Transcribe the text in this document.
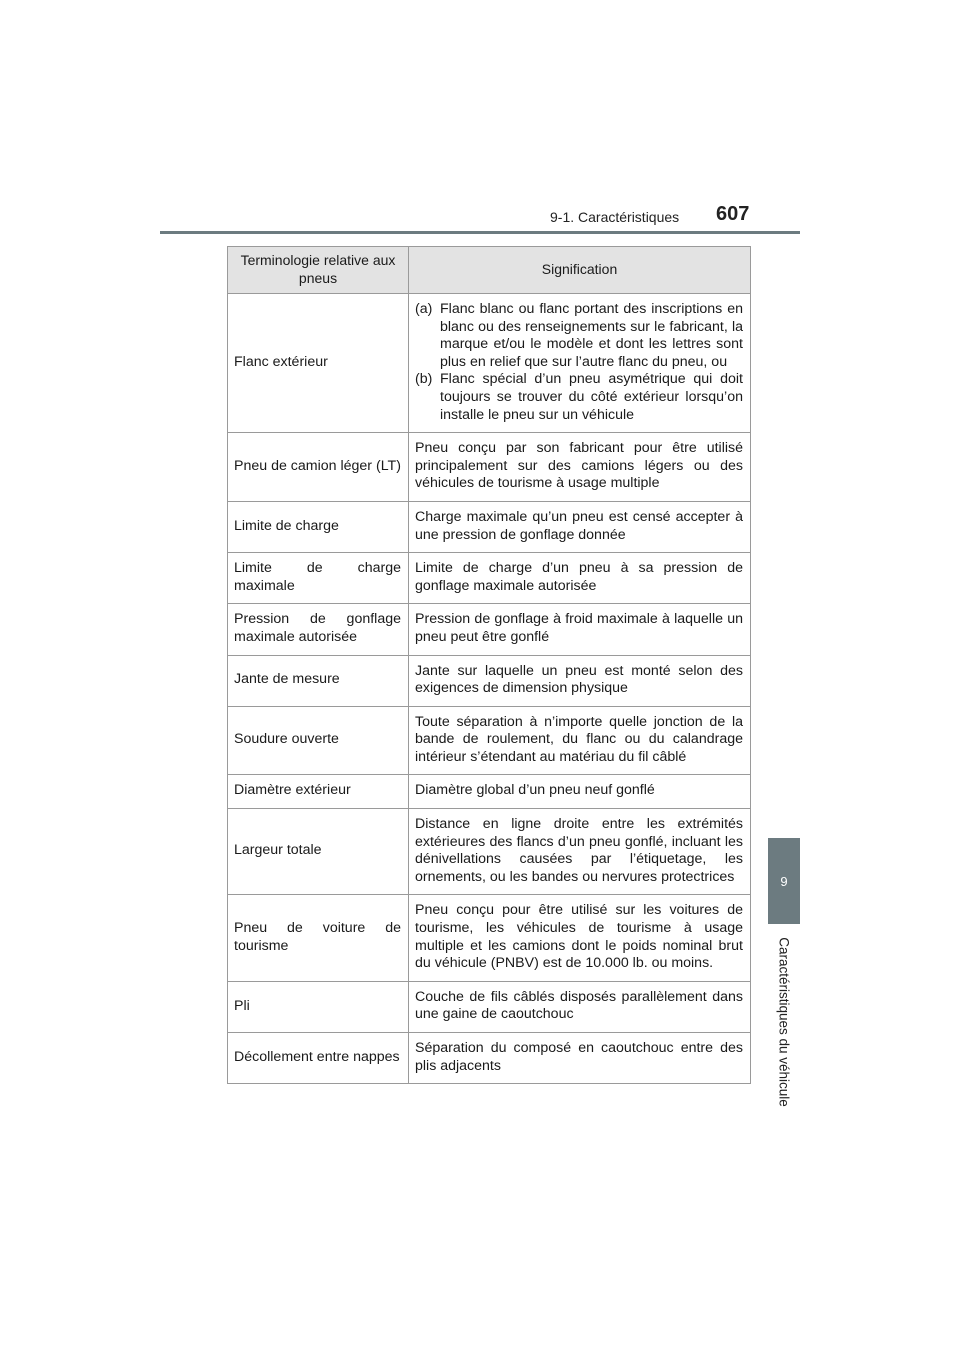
9-1. Caractéristiques 607
9
Caractéristiques du véhicule
Terminologie relative aux pneus	Signification
Flanc extérieur	(a) Flanc blanc ou flanc portant des inscriptions en blanc ou des renseignements sur le fabricant, la marque et/ou le modèle et dont les lettres sont plus en relief que sur l’autre flanc du pneu, ou
(b) Flanc spécial d’un pneu asymétrique qui doit toujours se trouver du côté extérieur lorsqu’on installe le pneu sur un véhicule

Pneu de camion léger (LT)	Pneu conçu par son fabricant pour être utilisé principalement sur des camions légers ou des véhicules de tourisme à usage multiple
Limite de charge	Charge maximale qu’un pneu est censé accepter à une pression de gonflage donnée
Limite de charge maximale	Limite de charge d’un pneu à sa pression de gonflage maximale autorisée
Pression de gonflage maximale autorisée	Pression de gonflage à froid maximale à laquelle un pneu peut être gonflé
Jante de mesure	Jante sur laquelle un pneu est monté selon des exigences de dimension physique
Soudure ouverte	Toute séparation à n’importe quelle jonction de la bande de roulement, du flanc ou du calandrage intérieur s’étendant au matériau du fil câblé
Diamètre extérieur	Diamètre global d’un pneu neuf gonflé
Largeur totale	Distance en ligne droite entre les extrémités extérieures des flancs d’un pneu gonflé, incluant les dénivellations causées par l’étiquetage, les ornements, ou les bandes ou nervures protectrices
Pneu de voiture de tourisme	Pneu conçu pour être utilisé sur les voitures de tourisme, les véhicules de tourisme à usage multiple et les camions dont le poids nominal brut du véhicule (PNBV) est de 10.000 lb. ou moins.
Pli	Couche de fils câblés disposés parallèlement dans une gaine de caoutchouc
Décollement entre nappes	Séparation du composé en caoutchouc entre des plis adjacents
